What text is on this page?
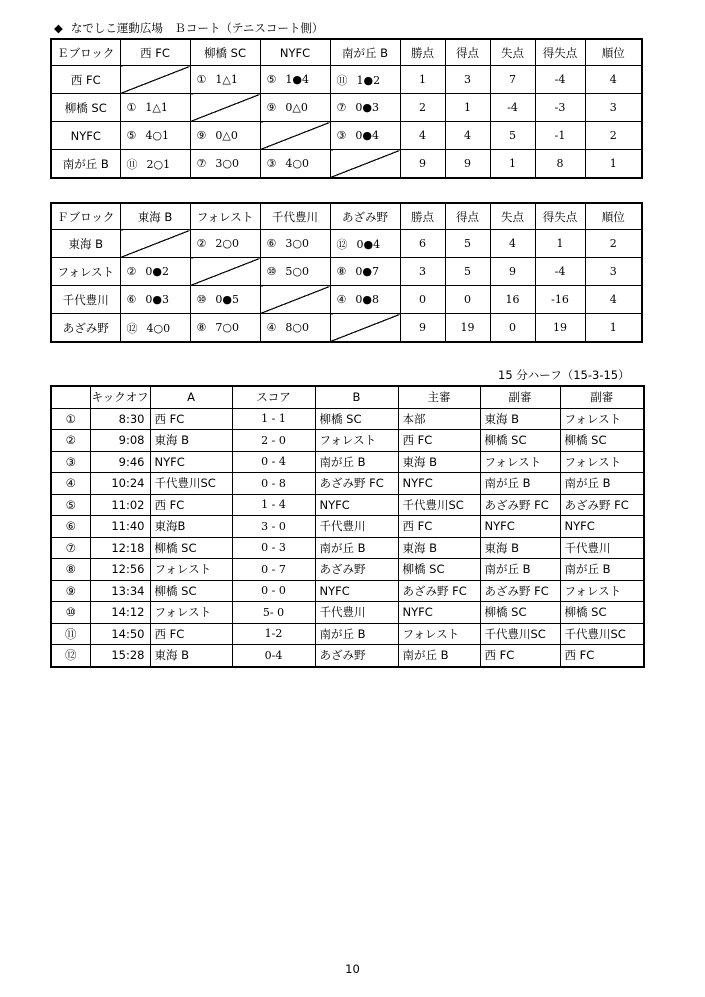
◆ なでしこ運動広場　Ｂコート（テニスコート側）
Ｅブロック	西 FC	柳橋 SC	NYFC	南が丘 B	勝点	得点	失点	得失点	順位
西 FC		① 1△1	⑤ 1●4	⑪ 1●2	1	3	7	-4	4
柳橋 SC	① 1△1		⑨ 0△0	⑦ 0●3	2	1	-4	-3	3
NYFC	⑤ 4○1	⑨ 0△0		③ 0●4	4	4	5	-1	2
南が丘 B	⑪ 2○1	⑦ 3○0	③ 4○0		9	9	1	8	1
Ｆブロック	東海 B	フォレスト	千代豊川	あざみ野	勝点	得点	失点	得失点	順位
東海 B		② 2○0	⑥ 3○0	⑫ 0●4	6	5	4	1	2
フォレスト	② 0●2		⑩ 5○0	⑧ 0●7	3	5	9	-4	3
千代豊川	⑥ 0●3	⑩ 0●5		④ 0●8	0	0	16	-16	4
あざみ野	⑫ 4○0	⑧ 7○0	④ 8○0		9	19	0	19	1
15 分ハーフ（15-3-15）
	キックオフ	A	スコア	B	主審	副審	副審
①	8:30	西 FC	1 - 1	柳橋 SC	本部	東海 B	フォレスト
②	9:08	東海 B	2 - 0	フォレスト	西 FC	柳橋 SC	柳橋 SC
③	9:46	NYFC	0 - 4	南が丘 B	東海 B	フォレスト	フォレスト
④	10:24	千代豊川SC	0 - 8	あざみ野 FC	NYFC	南が丘 B	南が丘 B
⑤	11:02	西 FC	1 - 4	NYFC	千代豊川SC	あざみ野 FC	あざみ野 FC
⑥	11:40	東海B	3 - 0	千代豊川	西 FC	NYFC	NYFC
⑦	12:18	柳橋 SC	0 - 3	南が丘 B	東海 B	東海 B	千代豊川
⑧	12:56	フォレスト	0 - 7	あざみ野	柳橋 SC	南が丘 B	南が丘 B
⑨	13:34	柳橋 SC	0 - 0	NYFC	あざみ野 FC	あざみ野 FC	フォレスト
⑩	14:12	フォレスト	5- 0	千代豊川	NYFC	柳橋 SC	柳橋 SC
⑪	14:50	西 FC	1-2	南が丘 B	フォレスト	千代豊川SC	千代豊川SC
⑫	15:28	東海 B	0-4	あざみ野	南が丘 B	西 FC	西 FC
10
